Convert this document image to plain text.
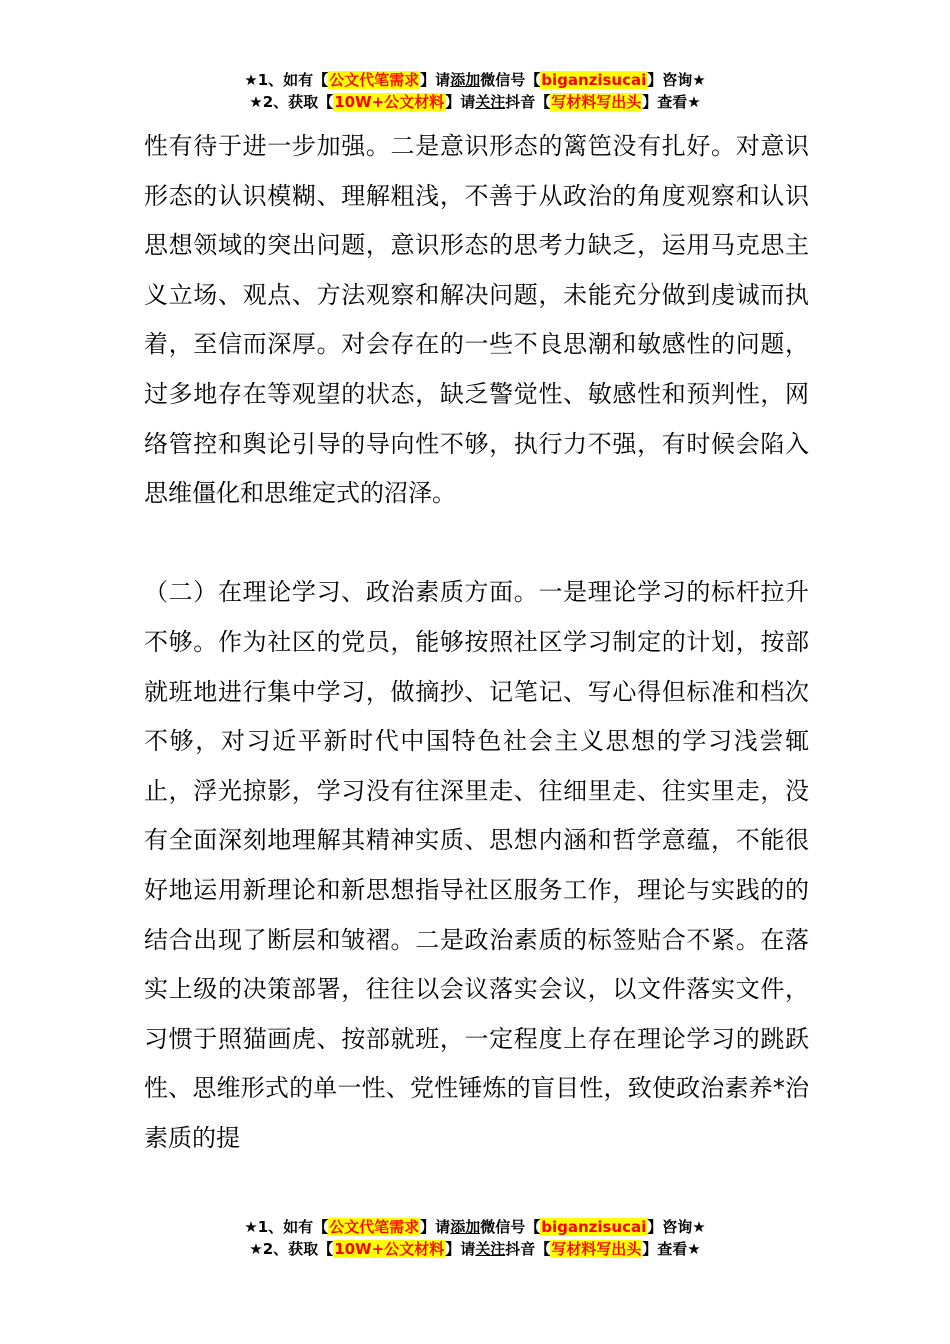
★1、如有【公文代笔需求】请添加微信号【biganzisucai】咨询★
★2、获取【10W+公文材料】请关注抖音【写材料写出头】查看★

性有待于进一步加强。二是意识形态的篱笆没有扎好。对意识形态的认识模糊、理解粗浅，不善于从政治的角度观察和认识思想领域的突出问题，意识形态的思考力缺乏，运用马克思主义立场、观点、方法观察和解决问题，未能充分做到虔诚而执着，至信而深厚。对会存在的一些不良思潮和敏感性的问题，过多地存在等观望的状态，缺乏警觉性、敏感性和预判性，网络管控和舆论引导的导向性不够，执行力不强，有时候会陷入思维僵化和思维定式的沼泽。

（二）在理论学习、政治素质方面。一是理论学习的标杆拉升不够。作为社区的党员，能够按照社区学习制定的计划，按部就班地进行集中学习，做摘抄、记笔记、写心得但标准和档次不够，对习近平新时代中国特色社会主义思想的学习浅尝辄止，浮光掠影，学习没有往深里走、往细里走、往实里走，没有全面深刻地理解其精神实质、思想内涵和哲学意蕴，不能很好地运用新理论和新思想指导社区服务工作，理论与实践的的结合出现了断层和皱褶。二是政治素质的标签贴合不紧。在落实上级的决策部署，往往以会议落实会议，以文件落实文件，习惯于照猫画虎、按部就班，一定程度上存在理论学习的跳跃性、思维形式的单一性、党性锤炼的盲目性，致使政治素养*治素质的提

★1、如有【公文代笔需求】请添加微信号【biganzisucai】咨询★
★2、获取【10W+公文材料】请关注抖音【写材料写出头】查看★
